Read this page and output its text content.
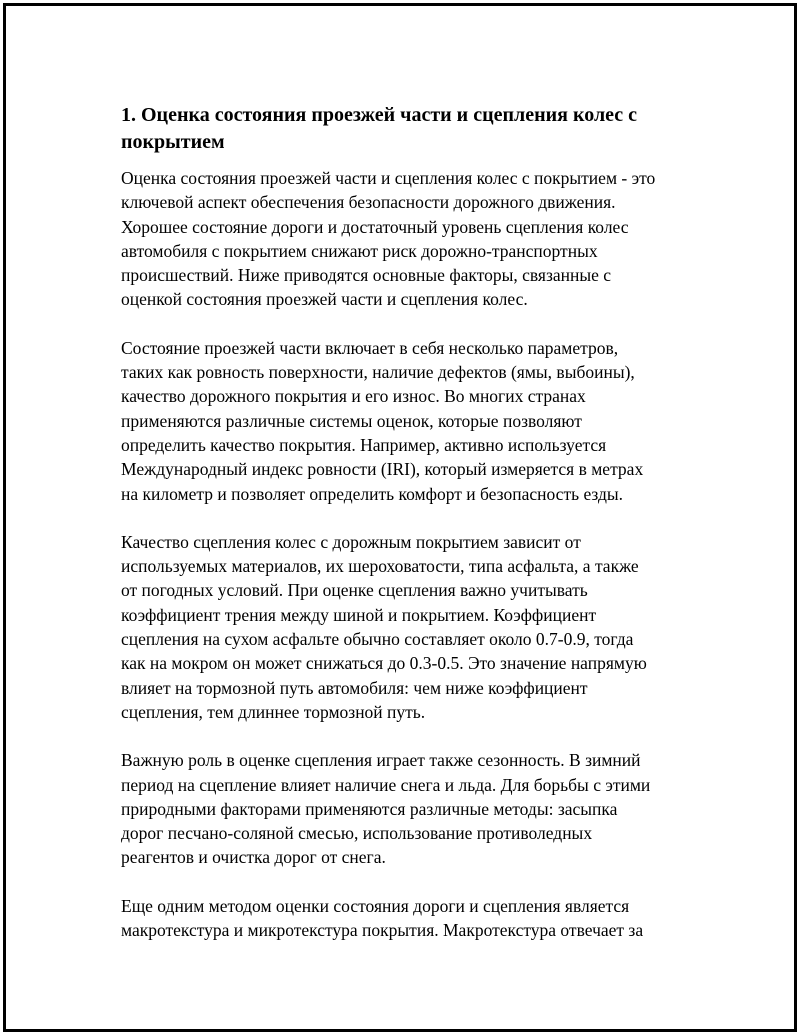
1. Оценка состояния проезжей части и сцепления колес с
покрытием

Оценка состояния проезжей части и сцепления колес с покрытием - это
ключевой аспект обеспечения безопасности дорожного движения.
Хорошее состояние дороги и достаточный уровень сцепления колес
автомобиля с покрытием снижают риск дорожно-транспортных
происшествий. Ниже приводятся основные факторы, связанные с
оценкой состояния проезжей части и сцепления колес.

Состояние проезжей части включает в себя несколько параметров,
таких как ровность поверхности, наличие дефектов (ямы, выбоины),
качество дорожного покрытия и его износ. Во многих странах
применяются различные системы оценок, которые позволяют
определить качество покрытия. Например, активно используется
Международный индекс ровности (IRI), который измеряется в метрах
на километр и позволяет определить комфорт и безопасность езды.

Качество сцепления колес с дорожным покрытием зависит от
используемых материалов, их шероховатости, типа асфальта, а также
от погодных условий. При оценке сцепления важно учитывать
коэффициент трения между шиной и покрытием. Коэффициент
сцепления на сухом асфальте обычно составляет около 0.7-0.9, тогда
как на мокром он может снижаться до 0.3-0.5. Это значение напрямую
влияет на тормозной путь автомобиля: чем ниже коэффициент
сцепления, тем длиннее тормозной путь.

Важную роль в оценке сцепления играет также сезонность. В зимний
период на сцепление влияет наличие снега и льда. Для борьбы с этими
природными факторами применяются различные методы: засыпка
дорог песчано-соляной смесью, использование противоледных
реагентов и очистка дорог от снега.

Еще одним методом оценки состояния дороги и сцепления является
макротекстура и микротекстура покрытия. Макротекстура отвечает за
